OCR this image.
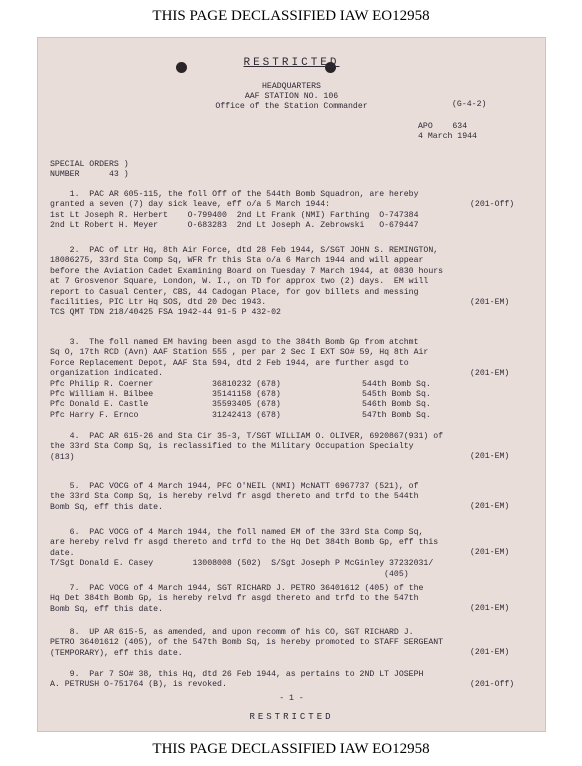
THIS PAGE DECLASSIFIED IAW EO12958
RESTRICTED
HEADQUARTERS
AAF STATION NO. 106
Office of the Station Commander	(G-4-2)
APO    634
4 March 1944
SPECIAL ORDERS )
NUMBER      43 )
1.  PAC AR 605-115, the foll Off of the 544th Bomb Squadron, are hereby
granted a seven (7) day sick leave, eff o/a 5 March 1944:
1st Lt Joseph R. Herbert    O-799400  2nd Lt Frank (NMI) Farthing  O-747384
2nd Lt Robert H. Meyer      O-683283  2nd Lt Joseph A. Zebrowski   O-679447
(201-Off)
2.  PAC of Ltr Hq, 8th Air Force, dtd 28 Feb 1944, S/SGT JOHN S. REMINGTON,
18086275, 33rd Sta Comp Sq, WFR fr this Sta o/a 6 March 1944 and will appear
before the Aviation Cadet Examining Board on Tuesday 7 March 1944, at 0830 hours
at 7 Grosvenor Square, London, W. I., on TD for approx two (2) days.  EM will
report to Casual Center, CBS, 44 Cadogan Place, for gov billets and messing
facilities, PIC Ltr Hq SOS, dtd 20 Dec 1943.
TCS QMT TDN 218/40425 FSA 1942-44 91-5 P 432-02
(201-EM)
3.  The foll named EM having been asgd to the 384th Bomb Gp from atchmt
Sq O, 17th RCD (Avn) AAF Station 555 , per par 2 Sec I EXT SO# 59, Hq 8th Air
Force Replacement Depot, AAF Sta 594, dtd 2 Feb 1944, are further asgd to
organization indicated.
Pfc Philip R. Coerner	36810232 (678)	544th Bomb Sq.
Pfc William H. Bilbee	35141158 (678)	545th Bomb Sq.
Pfc Donald E. Castle	35593405 (678)	546th Bomb Sq.
Pfc Harry F. Ernco	31242413 (678)	547th Bomb Sq.
(201-EM)
4.  PAC AR 615-26 and Sta Cir 35-3, T/SGT WILLIAM O. OLIVER, 6920867(931) of
the 33rd Sta Comp Sq, is reclassified to the Military Occupation Specialty
(813)	(201-EM)
5.  PAC VOCG of 4 March 1944, PFC O'NEIL (NMI) McNATT 6967737 (521), of
the 33rd Sta Comp Sq, is hereby relvd fr asgd thereto and trfd to the 544th
Bomb Sq, eff this date.	(201-EM)
6.  PAC VOCG of 4 March 1944, the foll named EM of the 33rd Sta Comp Sq,
are hereby relvd fr asgd thereto and trfd to the Hq Det 384th Bomb Gp, eff this
date.
T/Sgt Donald E. Casey        13008008 (502)  S/Sgt Joseph P McGinley 37232031/
(405)
(201-EM)
7.  PAC VOCG of 4 March 1944, SGT RICHARD J. PETRO 36401612 (405) of the
Hq Det 384th Bomb Gp, is hereby relvd fr asgd thereto and trfd to the 547th
Bomb Sq, eff this date.	(201-EM)
8.  UP AR 615-5, as amended, and upon recomm of his CO, SGT RICHARD J.
PETRO 36401612 (405), of the 547th Bomb Sq, is hereby promoted to STAFF SERGEANT
(TEMPORARY), eff this date.	(201-EM)
9.  Par 7 SO# 38, this Hq, dtd 26 Feb 1944, as pertains to 2ND LT JOSEPH
A. PETRUSH O-751764 (B), is revoked.	(201-Off)
- 1 -
RESTRICTED
THIS PAGE DECLASSIFIED IAW EO12958
